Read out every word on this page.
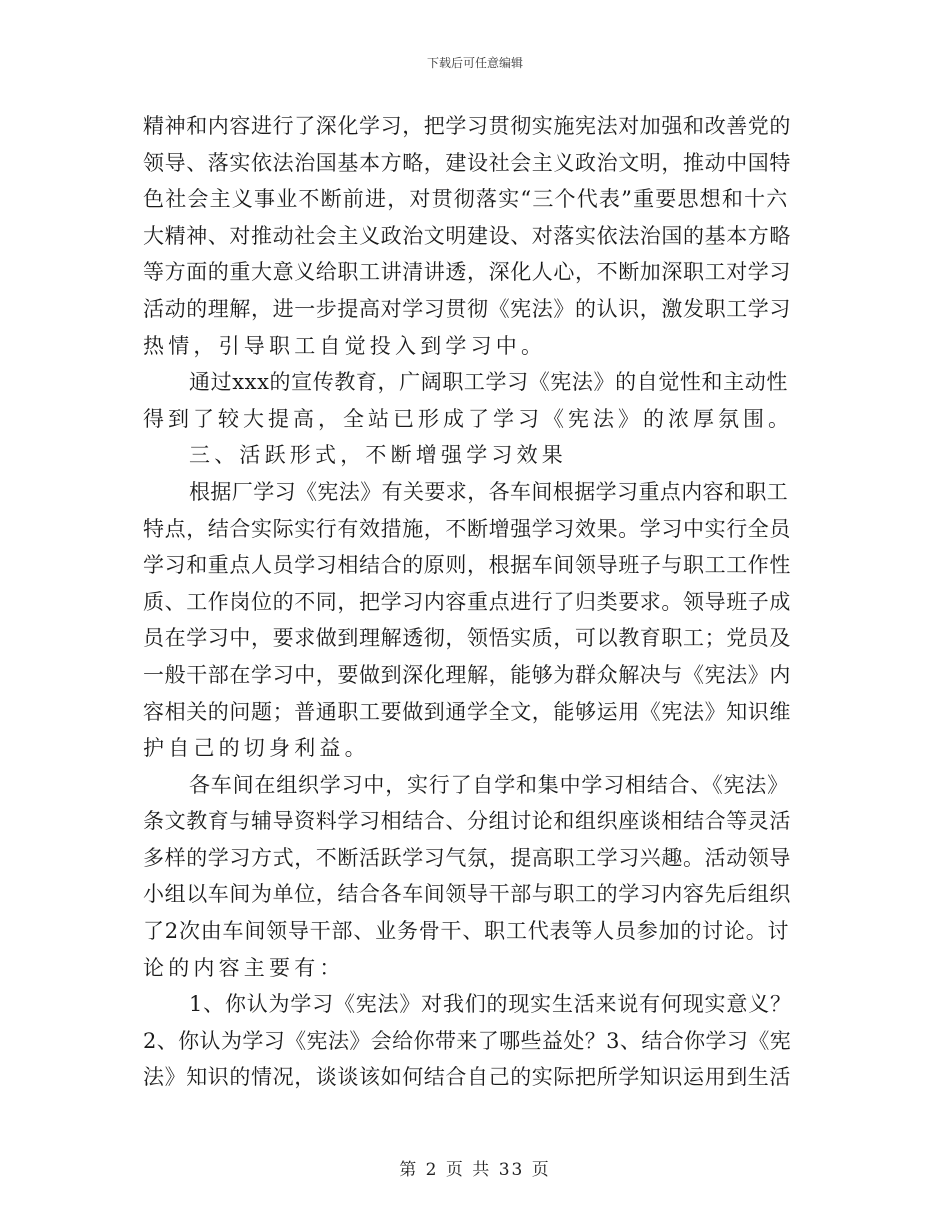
下载后可任意编辑
精神和内容进行了深化学习，把学习贯彻实施宪法对加强和改善党的
领导、落实依法治国基本方略，建设社会主义政治文明，推动中国特
色社会主义事业不断前进，对贯彻落实“三个代表”重要思想和十六
大精神、对推动社会主义政治文明建设、对落实依法治国的基本方略
等方面的重大意义给职工讲清讲透，深化人心，不断加深职工对学习
活动的理解，进一步提高对学习贯彻《宪法》的认识，激发职工学习
热情，引导职工自觉投入到学习中。
通过xxx的宣传教育，广阔职工学习《宪法》的自觉性和主动性
得到了较大提高，全站已形成了学习《宪法》的浓厚氛围。
三、活跃形式，不断增强学习效果
根据厂学习《宪法》有关要求，各车间根据学习重点内容和职工
特点，结合实际实行有效措施，不断增强学习效果。学习中实行全员
学习和重点人员学习相结合的原则，根据车间领导班子与职工工作性
质、工作岗位的不同，把学习内容重点进行了归类要求。领导班子成
员在学习中，要求做到理解透彻，领悟实质，可以教育职工；党员及
一般干部在学习中，要做到深化理解，能够为群众解决与《宪法》内
容相关的问题；普通职工要做到通学全文，能够运用《宪法》知识维
护自己的切身利益。
各车间在组织学习中，实行了自学和集中学习相结合、《宪法》
条文教育与辅导资料学习相结合、分组讨论和组织座谈相结合等灵活
多样的学习方式，不断活跃学习气氛，提高职工学习兴趣。活动领导
小组以车间为单位，结合各车间领导干部与职工的学习内容先后组织
了2次由车间领导干部、业务骨干、职工代表等人员参加的讨论。讨
论的内容主要有：
1、你认为学习《宪法》对我们的现实生活来说有何现实意义？
2、你认为学习《宪法》会给你带来了哪些益处？3、结合你学习《宪
法》知识的情况，谈谈该如何结合自己的实际把所学知识运用到生活
第 2 页 共 33 页
